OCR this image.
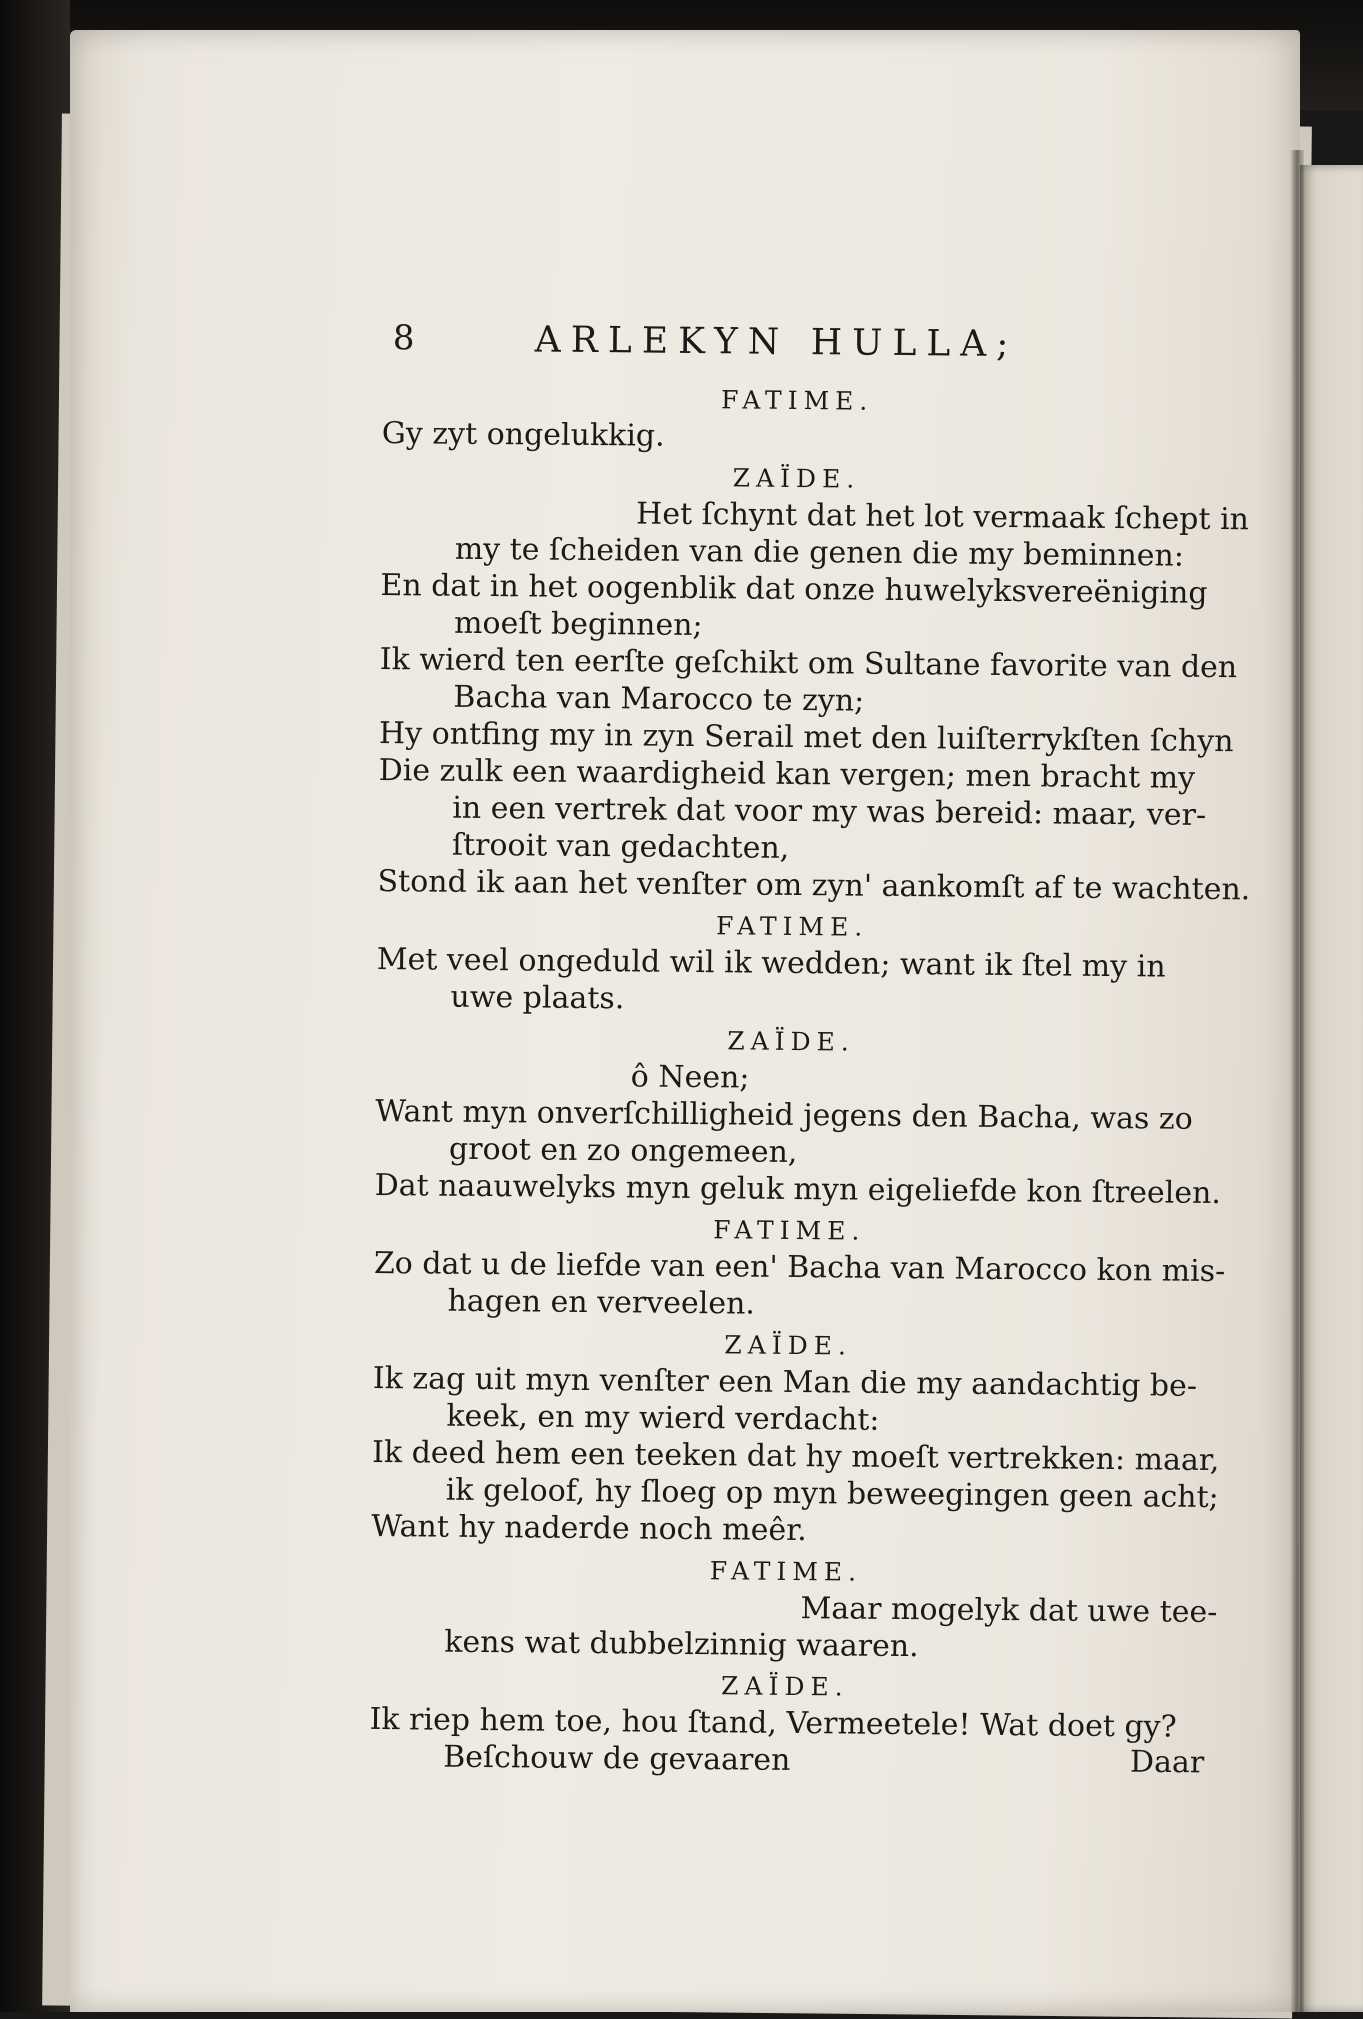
8	ARLEKYN HULLA;
FATIME.
Gy zyt ongelukkig.
ZAÏDE.
Het ſchynt dat het lot vermaak ſchept in
my te ſcheiden van die genen die my beminnen:
En dat in het oogenblik dat onze huwelyksvereëniging
moeſt beginnen;
Ik wierd ten eerſte geſchikt om Sultane favorite van den
Bacha van Marocco te zyn;
Hy ontfing my in zyn Serail met den luiſterrykſten ſchyn
Die zulk een waardigheid kan vergen; men bracht my
in een vertrek dat voor my was bereid: maar, ver-
ſtrooit van gedachten,
Stond ik aan het venſter om zyn' aankomſt af te wachten.
FATIME.
Met veel ongeduld wil ik wedden; want ik ſtel my in
uwe plaats.
ZAÏDE.
ô Neen;
Want myn onverſchilligheid jegens den Bacha, was zo
groot en zo ongemeen,
Dat naauwelyks myn geluk myn eigeliefde kon ſtreelen.
FATIME.
Zo dat u de liefde van een' Bacha van Marocco kon mis-
hagen en verveelen.
ZAÏDE.
Ik zag uit myn venſter een Man die my aandachtig be-
keek, en my wierd verdacht:
Ik deed hem een teeken dat hy moeſt vertrekken: maar,
ik geloof, hy ſloeg op myn beweegingen geen acht;
Want hy naderde noch meêr.
FATIME.
Maar mogelyk dat uwe tee-
kens wat dubbelzinnig waaren.
ZAÏDE.
Ik riep hem toe, hou ſtand, Vermeetele! Wat doet gy?
Beſchouw de gevaaren	Daar
